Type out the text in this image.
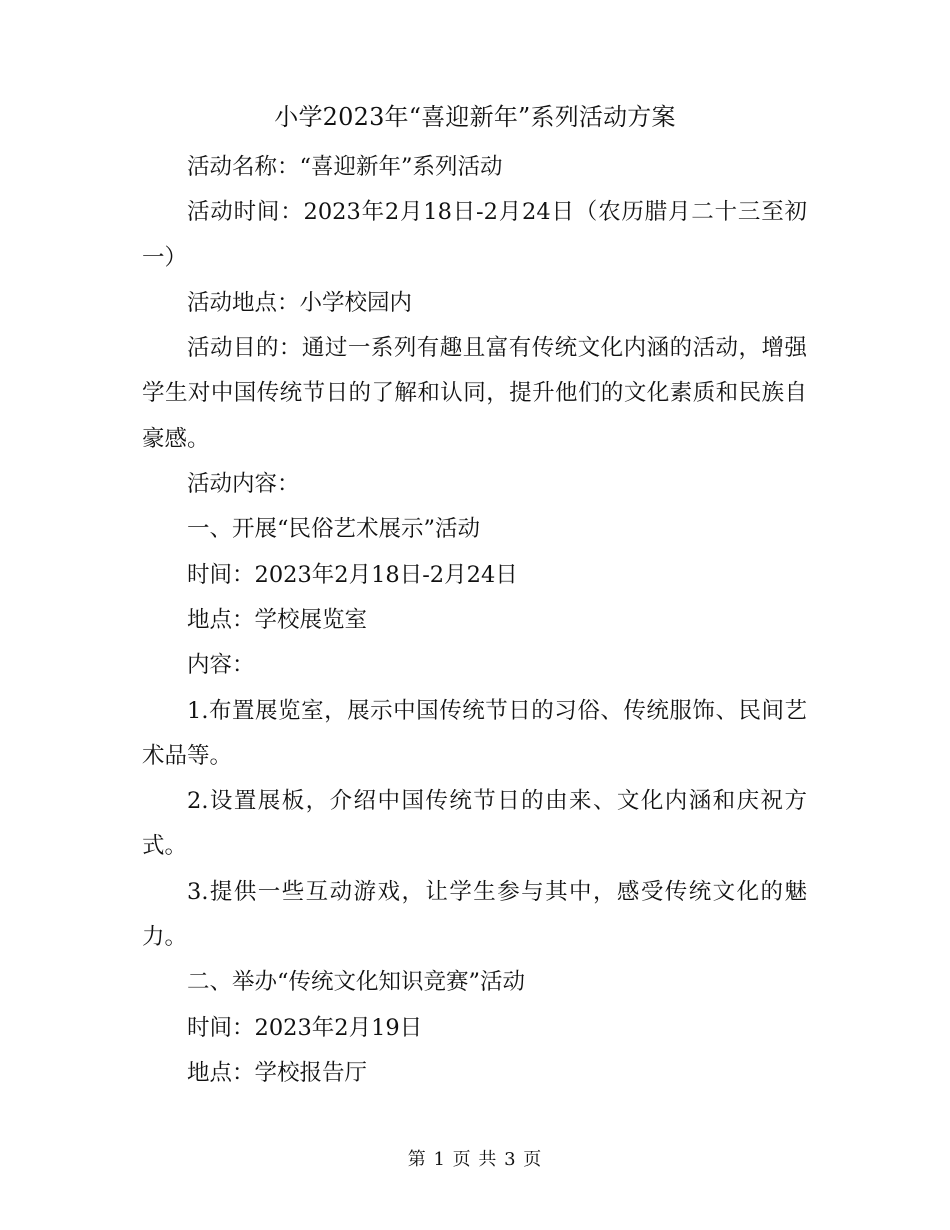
小学2023年“喜迎新年”系列活动方案

活动名称：“喜迎新年”系列活动

活动时间：2023年2月18日-2月24日（农历腊月二十三至初一）

活动地点：小学校园内

活动目的：通过一系列有趣且富有传统文化内涵的活动，增强学生对中国传统节日的了解和认同，提升他们的文化素质和民族自豪感。

活动内容：

一、开展“民俗艺术展示”活动

时间：2023年2月18日-2月24日

地点：学校展览室

内容：

1.布置展览室，展示中国传统节日的习俗、传统服饰、民间艺术品等。

2.设置展板，介绍中国传统节日的由来、文化内涵和庆祝方式。

3.提供一些互动游戏，让学生参与其中，感受传统文化的魅力。

二、举办“传统文化知识竞赛”活动

时间：2023年2月19日

地点：学校报告厅

第 1 页 共 3 页
